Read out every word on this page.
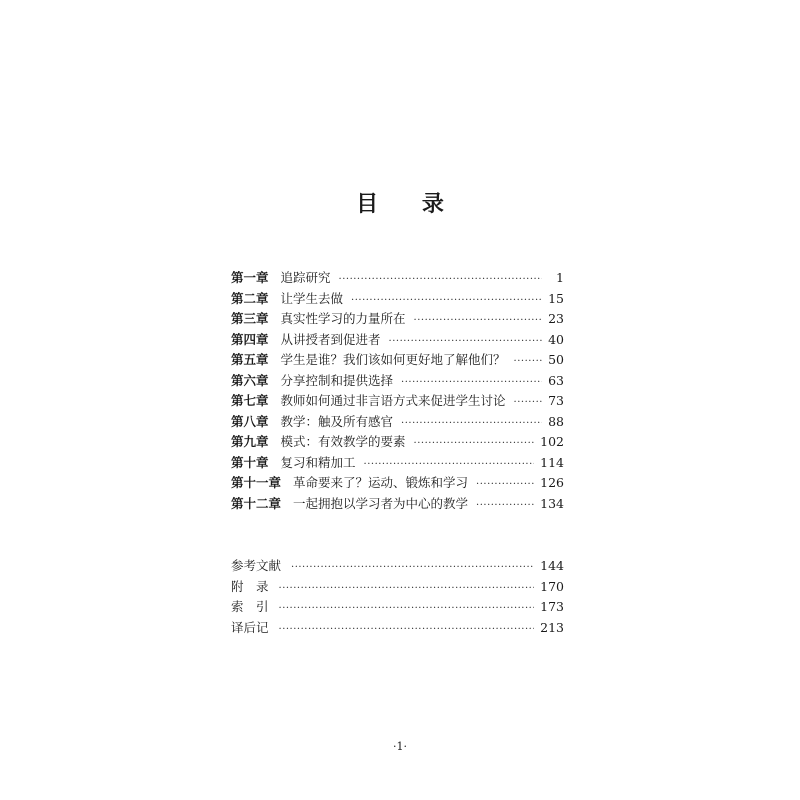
目 录
第一章 追踪研究 ·····	1
第二章 让学生去做 ·····	15
第三章 真实性学习的力量所在 ·····	23
第四章 从讲授者到促进者 ·····	40
第五章 学生是谁？我们该如何更好地了解他们？ ·····	50
第六章 分享控制和提供选择 ·····	63
第七章 教师如何通过非言语方式来促进学生讨论 ·····	73
第八章 教学：触及所有感官 ·····	88
第九章 模式：有效教学的要素 ·····	102
第十章 复习和精加工 ·····	114
第十一章 革命要来了？运动、锻炼和学习 ·····	126
第十二章 一起拥抱以学习者为中心的教学 ·····	134
参考文献 ·····	144
附　录 ·····	170
索　引 ·····	173
译后记 ·····	213
·1·
